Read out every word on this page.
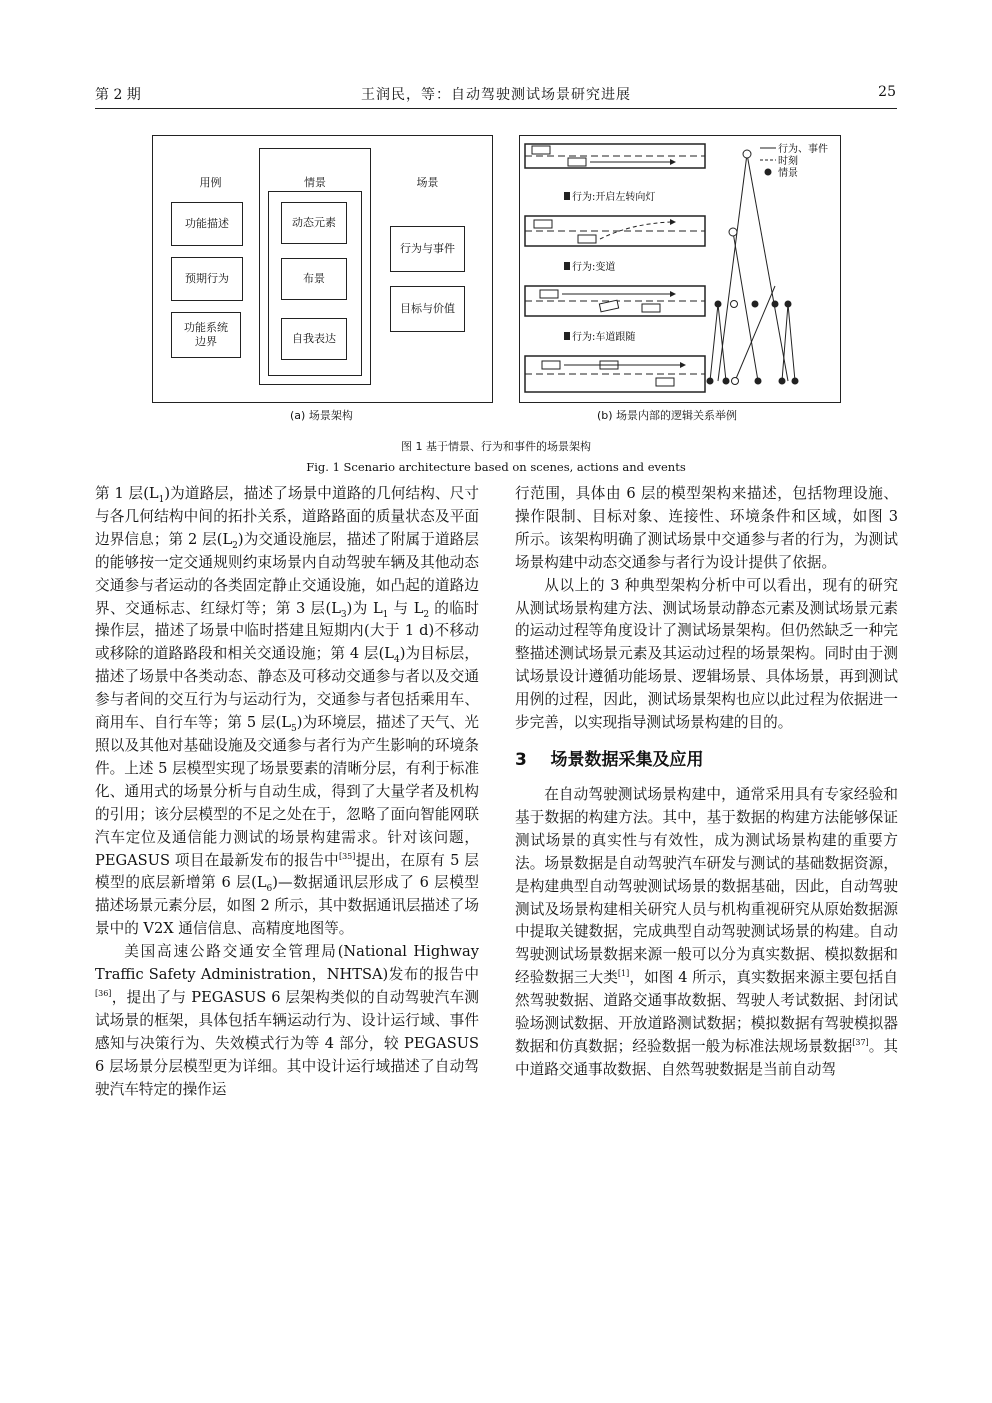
第 2 期	王润民，等：自动驾驶测试场景研究进展	25
用例
功能描述
预期行为
功能系统边界
情景
动态元素
布景
自我表达
场景
行为与事件
目标与价值
(a) 场景架构
行为:开启左转向灯
行为:变道
行为:车道跟随
行为、事件
时刻
情景
(b) 场景内部的逻辑关系举例
图 1 基于情景、行为和事件的场景架构
Fig. 1 Scenario architecture based on scenes, actions and events

第 1 层$(L_1)$为道路层，描述了场景中道路的几何结构、尺寸与各几何结构中间的拓扑关系，道路路面的质量状态及平面边界信息；第 2 层$(L_2)$为交通设施层，描述了附属于道路层的能够按一定交通规则约束场景内自动驾驶车辆及其他动态交通参与者运动的各类固定静止交通设施，如凸起的道路边界、交通标志、红绿灯等；第 3 层$(L_3)$为 $L_1$ 与 $L_2$ 的临时操作层，描述了场景中临时搭建且短期内(大于 1 d)不移动或移除的道路路段和相关交通设施；第 4 层$(L_4)$为目标层，描述了场景中各类动态、静态及可移动交通参与者以及交通参与者间的交互行为与运动行为，交通参与者包括乘用车、商用车、自行车等；第 5 层$(L_5)$为环境层，描述了天气、光照以及其他对基础设施及交通参与者行为产生影响的环境条件。上述 5 层模型实现了场景要素的清晰分层，有利于标准化、通用式的场景分析与自动生成，得到了大量学者及机构的引用；该分层模型的不足之处在于，忽略了面向智能网联汽车定位及通信能力测试的场景构建需求。针对该问题，PEGASUS 项目在最新发布的报告中[35]提出，在原有 5 层模型的底层新增第 6 层$(L_6)—$数据通讯层形成了 6 层模型描述场景元素分层，如图 2 所示，其中数据通讯层描述了场景中的 V2X 通信信息、高精度地图等。

美国高速公路交通安全管理局(National Highway Traffic Safety Administration，NHTSA)发布的报告中[36]，提出了与 PEGASUS 6 层架构类似的自动驾驶汽车测试场景的框架，具体包括车辆运动行为、设计运行域、事件感知与决策行为、失效模式行为等 4 部分，较 PEGASUS 6 层场景分层模型更为详细。其中设计运行域描述了自动驾驶汽车特定的操作运

行范围，具体由 6 层的模型架构来描述，包括物理设施、操作限制、目标对象、连接性、环境条件和区域，如图 3 所示。该架构明确了测试场景中交通参与者的行为，为测试场景构建中动态交通参与者行为设计提供了依据。

从以上的 3 种典型架构分析中可以看出，现有的研究从测试场景构建方法、测试场景动静态元素及测试场景元素的运动过程等角度设计了测试场景架构。但仍然缺乏一种完整描述测试场景元素及其运动过程的场景架构。同时由于测试场景设计遵循功能场景、逻辑场景、具体场景，再到测试用例的过程，因此，测试场景架构也应以此过程为依据进一步完善，以实现指导测试场景构建的目的。

3 场景数据采集及应用

在自动驾驶测试场景构建中，通常采用具有专家经验和基于数据的构建方法。其中，基于数据的构建方法能够保证测试场景的真实性与有效性，成为测试场景构建的重要方法。场景数据是自动驾驶汽车研发与测试的基础数据资源，是构建典型自动驾驶测试场景的数据基础，因此，自动驾驶测试及场景构建相关研究人员与机构重视研究从原始数据源中提取关键数据，完成典型自动驾驶测试场景的构建。自动驾驶测试场景数据来源一般可以分为真实数据、模拟数据和经验数据三大类[1]，如图 4 所示，真实数据来源主要包括自然驾驶数据、道路交通事故数据、驾驶人考试数据、封闭试验场测试数据、开放道路测试数据；模拟数据有驾驶模拟器数据和仿真数据；经验数据一般为标准法规场景数据[37]。其中道路交通事故数据、自然驾驶数据是当前自动驾
